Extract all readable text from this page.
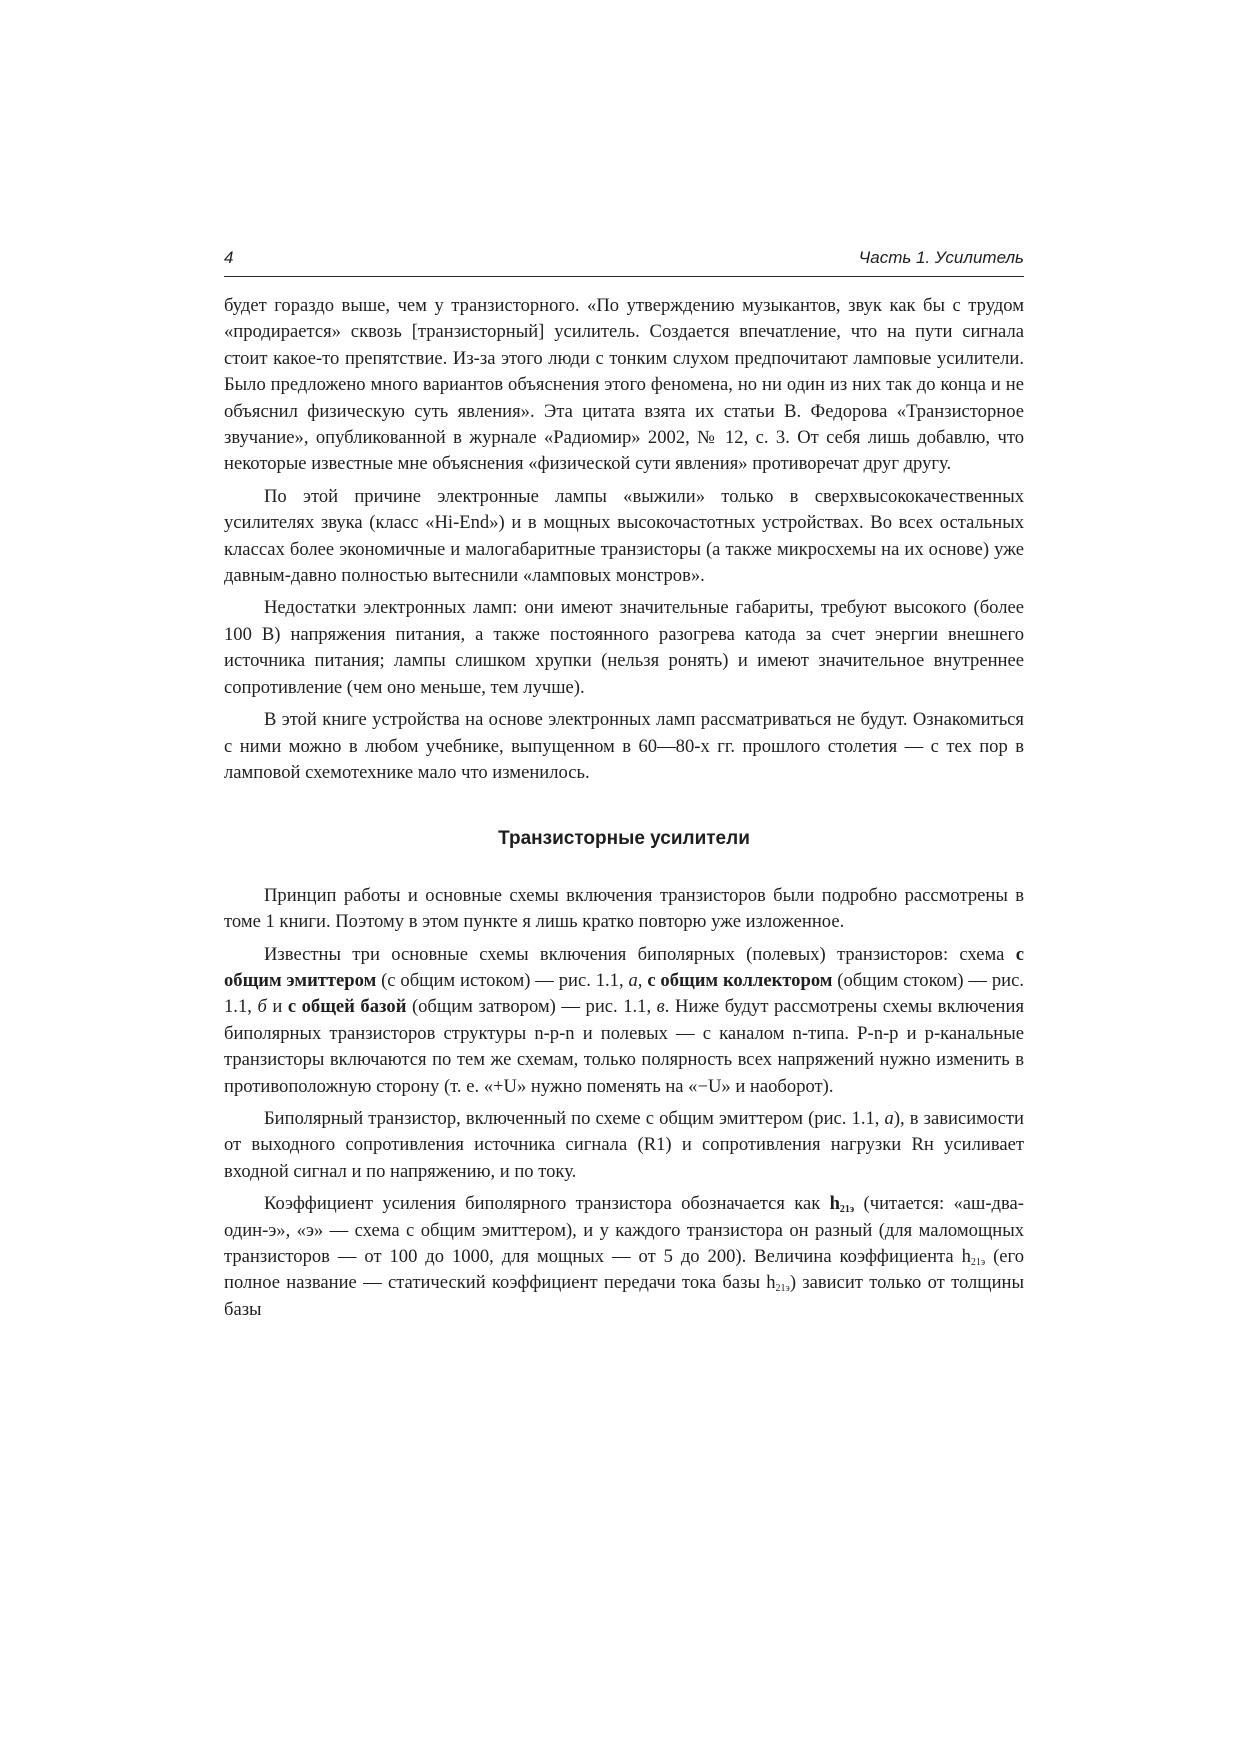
4	Часть 1. Усилитель

будет гораздо выше, чем у транзисторного. «По утверждению музыкантов, звук как бы с трудом «продирается» сквозь [транзисторный] усилитель. Создается впечатление, что на пути сигнала стоит какое-то препятствие. Из-за этого люди с тонким слухом предпочитают ламповые усилители. Было предложено много вариантов объяснения этого феномена, но ни один из них так до конца и не объяснил физическую суть явления». Эта цитата взята их статьи В. Федорова «Транзисторное звучание», опубликованной в журнале «Радиомир» 2002, № 12, с. 3. От себя лишь добавлю, что некоторые известные мне объяснения «физической сути явления» противоречат друг другу.

По этой причине электронные лампы «выжили» только в сверхвысококачественных усилителях звука (класс «Hi-End») и в мощных высокочастотных устройствах. Во всех остальных классах более экономичные и малогабаритные транзисторы (а также микросхемы на их основе) уже давным-давно полностью вытеснили «ламповых монстров».

Недостатки электронных ламп: они имеют значительные габариты, требуют высокого (более 100 В) напряжения питания, а также постоянного разогрева катода за счет энергии внешнего источника питания; лампы слишком хрупки (нельзя ронять) и имеют значительное внутреннее сопротивление (чем оно меньше, тем лучше).

В этой книге устройства на основе электронных ламп рассматриваться не будут. Ознакомиться с ними можно в любом учебнике, выпущенном в 60—80-х гг. прошлого столетия — с тех пор в ламповой схемотехнике мало что изменилось.

Транзисторные усилители

Принцип работы и основные схемы включения транзисторов были подробно рассмотрены в томе 1 книги. Поэтому в этом пункте я лишь кратко повторю уже изложенное.

Известны три основные схемы включения биполярных (полевых) транзисторов: схема с общим эмиттером (с общим истоком) — рис. 1.1, а, с общим коллектором (общим стоком) — рис. 1.1, б и с общей базой (общим затвором) — рис. 1.1, в. Ниже будут рассмотрены схемы включения биполярных транзисторов структуры n-p-n и полевых — с каналом n-типа. P-n-p и p-канальные транзисторы включаются по тем же схемам, только полярность всех напряжений нужно изменить в противоположную сторону (т. е. «+U» нужно поменять на «−U» и наоборот).

Биполярный транзистор, включенный по схеме с общим эмиттером (рис. 1.1, а), в зависимости от выходного сопротивления источника сигнала (R1) и сопротивления нагрузки Rн усиливает входной сигнал и по напряжению, и по току.

Коэффициент усиления биполярного транзистора обозначается как $h_{21э}$ (читается: «аш-два-один-э», «э» — схема с общим эмиттером), и у каждого транзистора он разный (для маломощных транзисторов — от 100 до 1000, для мощных — от 5 до 200). Величина коэффициента $h_{21э}$ (его полное название — статический коэффициент передачи тока базы $h_{21э}$) зависит только от толщины базы
